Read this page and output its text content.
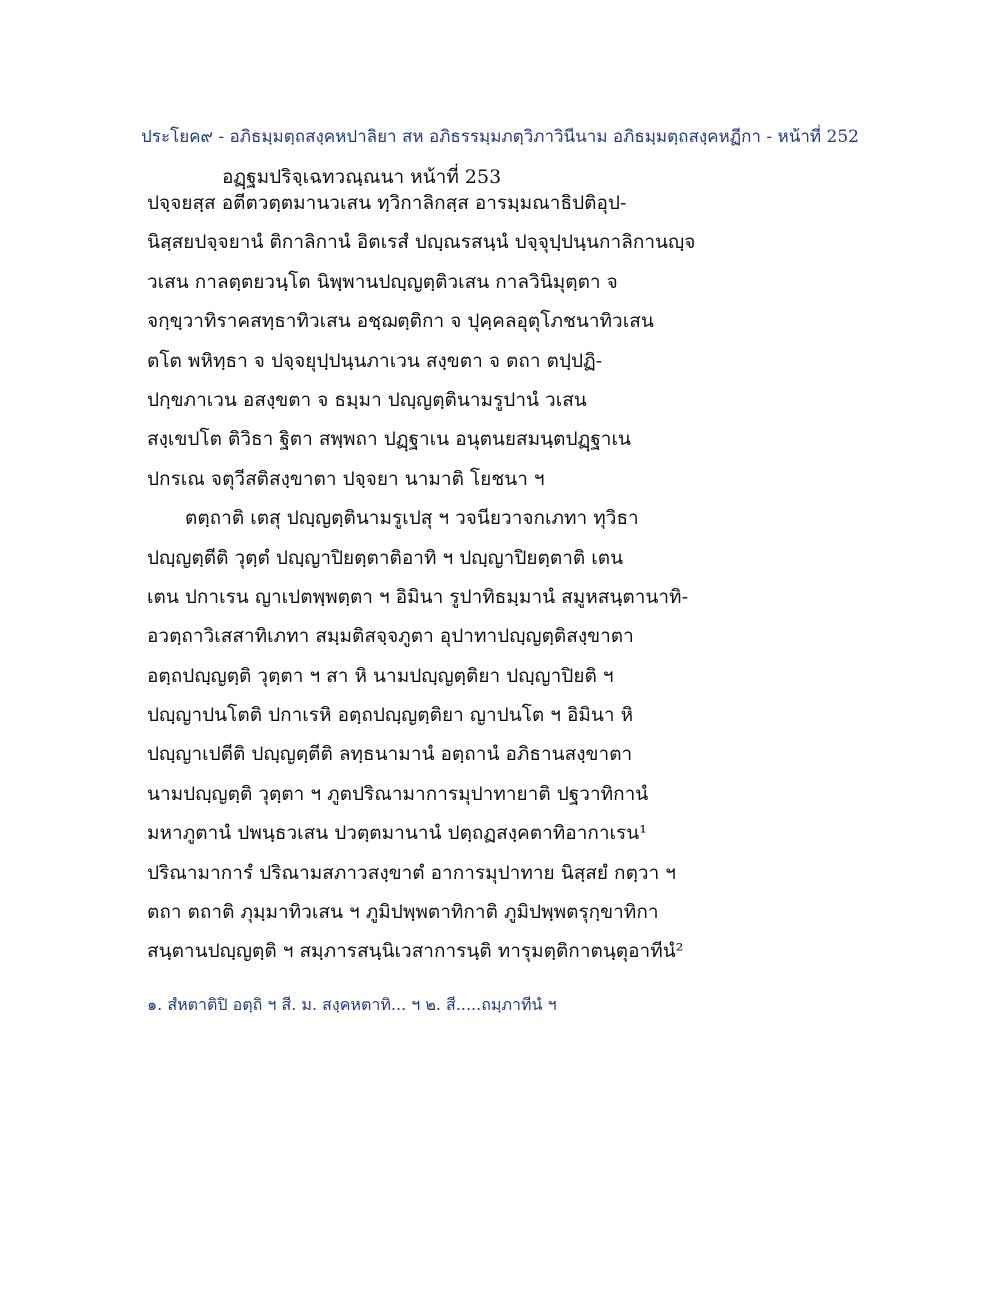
ประโยค๙ - อภิธมฺมตฺถสงฺคหปาลิยา สห อภิธรรมฺมภตฺวิภาวินีนาม อภิธมฺมตฺถสงฺคหฏีกา - หน้าที่ 252
อฏฺฐมปริจฺเฉทวณฺณนา หน้าที่ 253
ปจฺจยสฺส อตีตวตฺตมานวเสน ทฺวิกาลิกสฺส อารมฺมณาธิปติอุป-
นิสฺสยปจฺจยานํ ติกาลิกานํ อิตเรสํ ปญฺณรสนฺนํ ปจฺจุปฺปนฺนกาลิกานญฺจ
วเสน กาลตฺตยวนฺโต นิพฺพานปญฺญตฺติวเสน กาลวินิมุตฺตา จ
จกฺขฺวาทิราคสทฺธาทิวเสน อชฺฌตฺติกา จ ปุคฺคลอุตุโภชนาทิวเสน
ตโต พหิทฺธา จ ปจฺจยุปฺปนฺนภาเวน สงฺขตา จ ตถา ตปฺปฏิ-
ปกฺขภาเวน อสงฺขตา จ ธมฺมา ปญฺญตฺตินามรูปานํ วเสน
สงฺเขปโต ติวิธา ฐิตา สพฺพถา ปฏฺฐาเน อนุตนยสมนฺตปฏฺฐาเน
ปกรเณ จตุวีสติสงฺขาตา ปจฺจยา นามาติ โยชนา ฯ
ตตฺถาติ เตสุ ปญฺญตฺตินามรูเปสุ ฯ วจนียวาจกเภทา ทุวิธา
ปญฺญตฺตีติ วุตฺตํ ปญฺญาปิยตฺตาติอาทิ ฯ ปญฺญาปิยตฺตาติ เตน
เตน ปกาเรน ญาเปตพฺพตฺตา ฯ อิมินา รูปาทิธมฺมานํ สมูหสนฺตานาทิ-
อวตฺถาวิเสสาทิเภทา สมฺมติสจฺจภูตา อุปาทาปญฺญตฺติสงฺขาตา
อตฺถปญฺญตฺติ วุตฺตา ฯ สา หิ นามปญฺญตฺติยา ปญฺญาปิยติ ฯ
ปญฺญาปนโตติ ปกาเรหิ อตฺถปญฺญตฺติยา ญาปนโต ฯ อิมินา หิ
ปญฺญาเปตีติ ปญฺญตฺตีติ ลทฺธนามานํ อตฺถานํ อภิธานสงฺขาตา
นามปญฺญตฺติ วุตฺตา ฯ ภูตปริณามาการมุปาทายาติ ปฐวาทิกานํ
มหาภูตานํ ปพนฺธวเสน ปวตฺตมานานํ ปตฺถฏสงฺคตาทิอากาเรน¹
ปริณามาการํ ปริณามสภาวสงฺขาตํ อาการมุปาทาย นิสฺสยํ กตฺวา ฯ
ตถา ตถาติ ภุมฺมาทิวเสน ฯ ภูมิปพฺพตาทิกาติ ภูมิปพฺพตรุกฺขาทิกา
สนฺตานปญฺญตฺติ ฯ สมฺภารสนฺนิเวสาการนฺติ ทารุมตฺติกาตนฺตุอาทีนํ²
๑. สํหตาติปิ อตฺถิ ฯ สี. ม. สงฺคหตาทิ... ฯ ๒. สี.....ถมฺภาทีนํ ฯ
